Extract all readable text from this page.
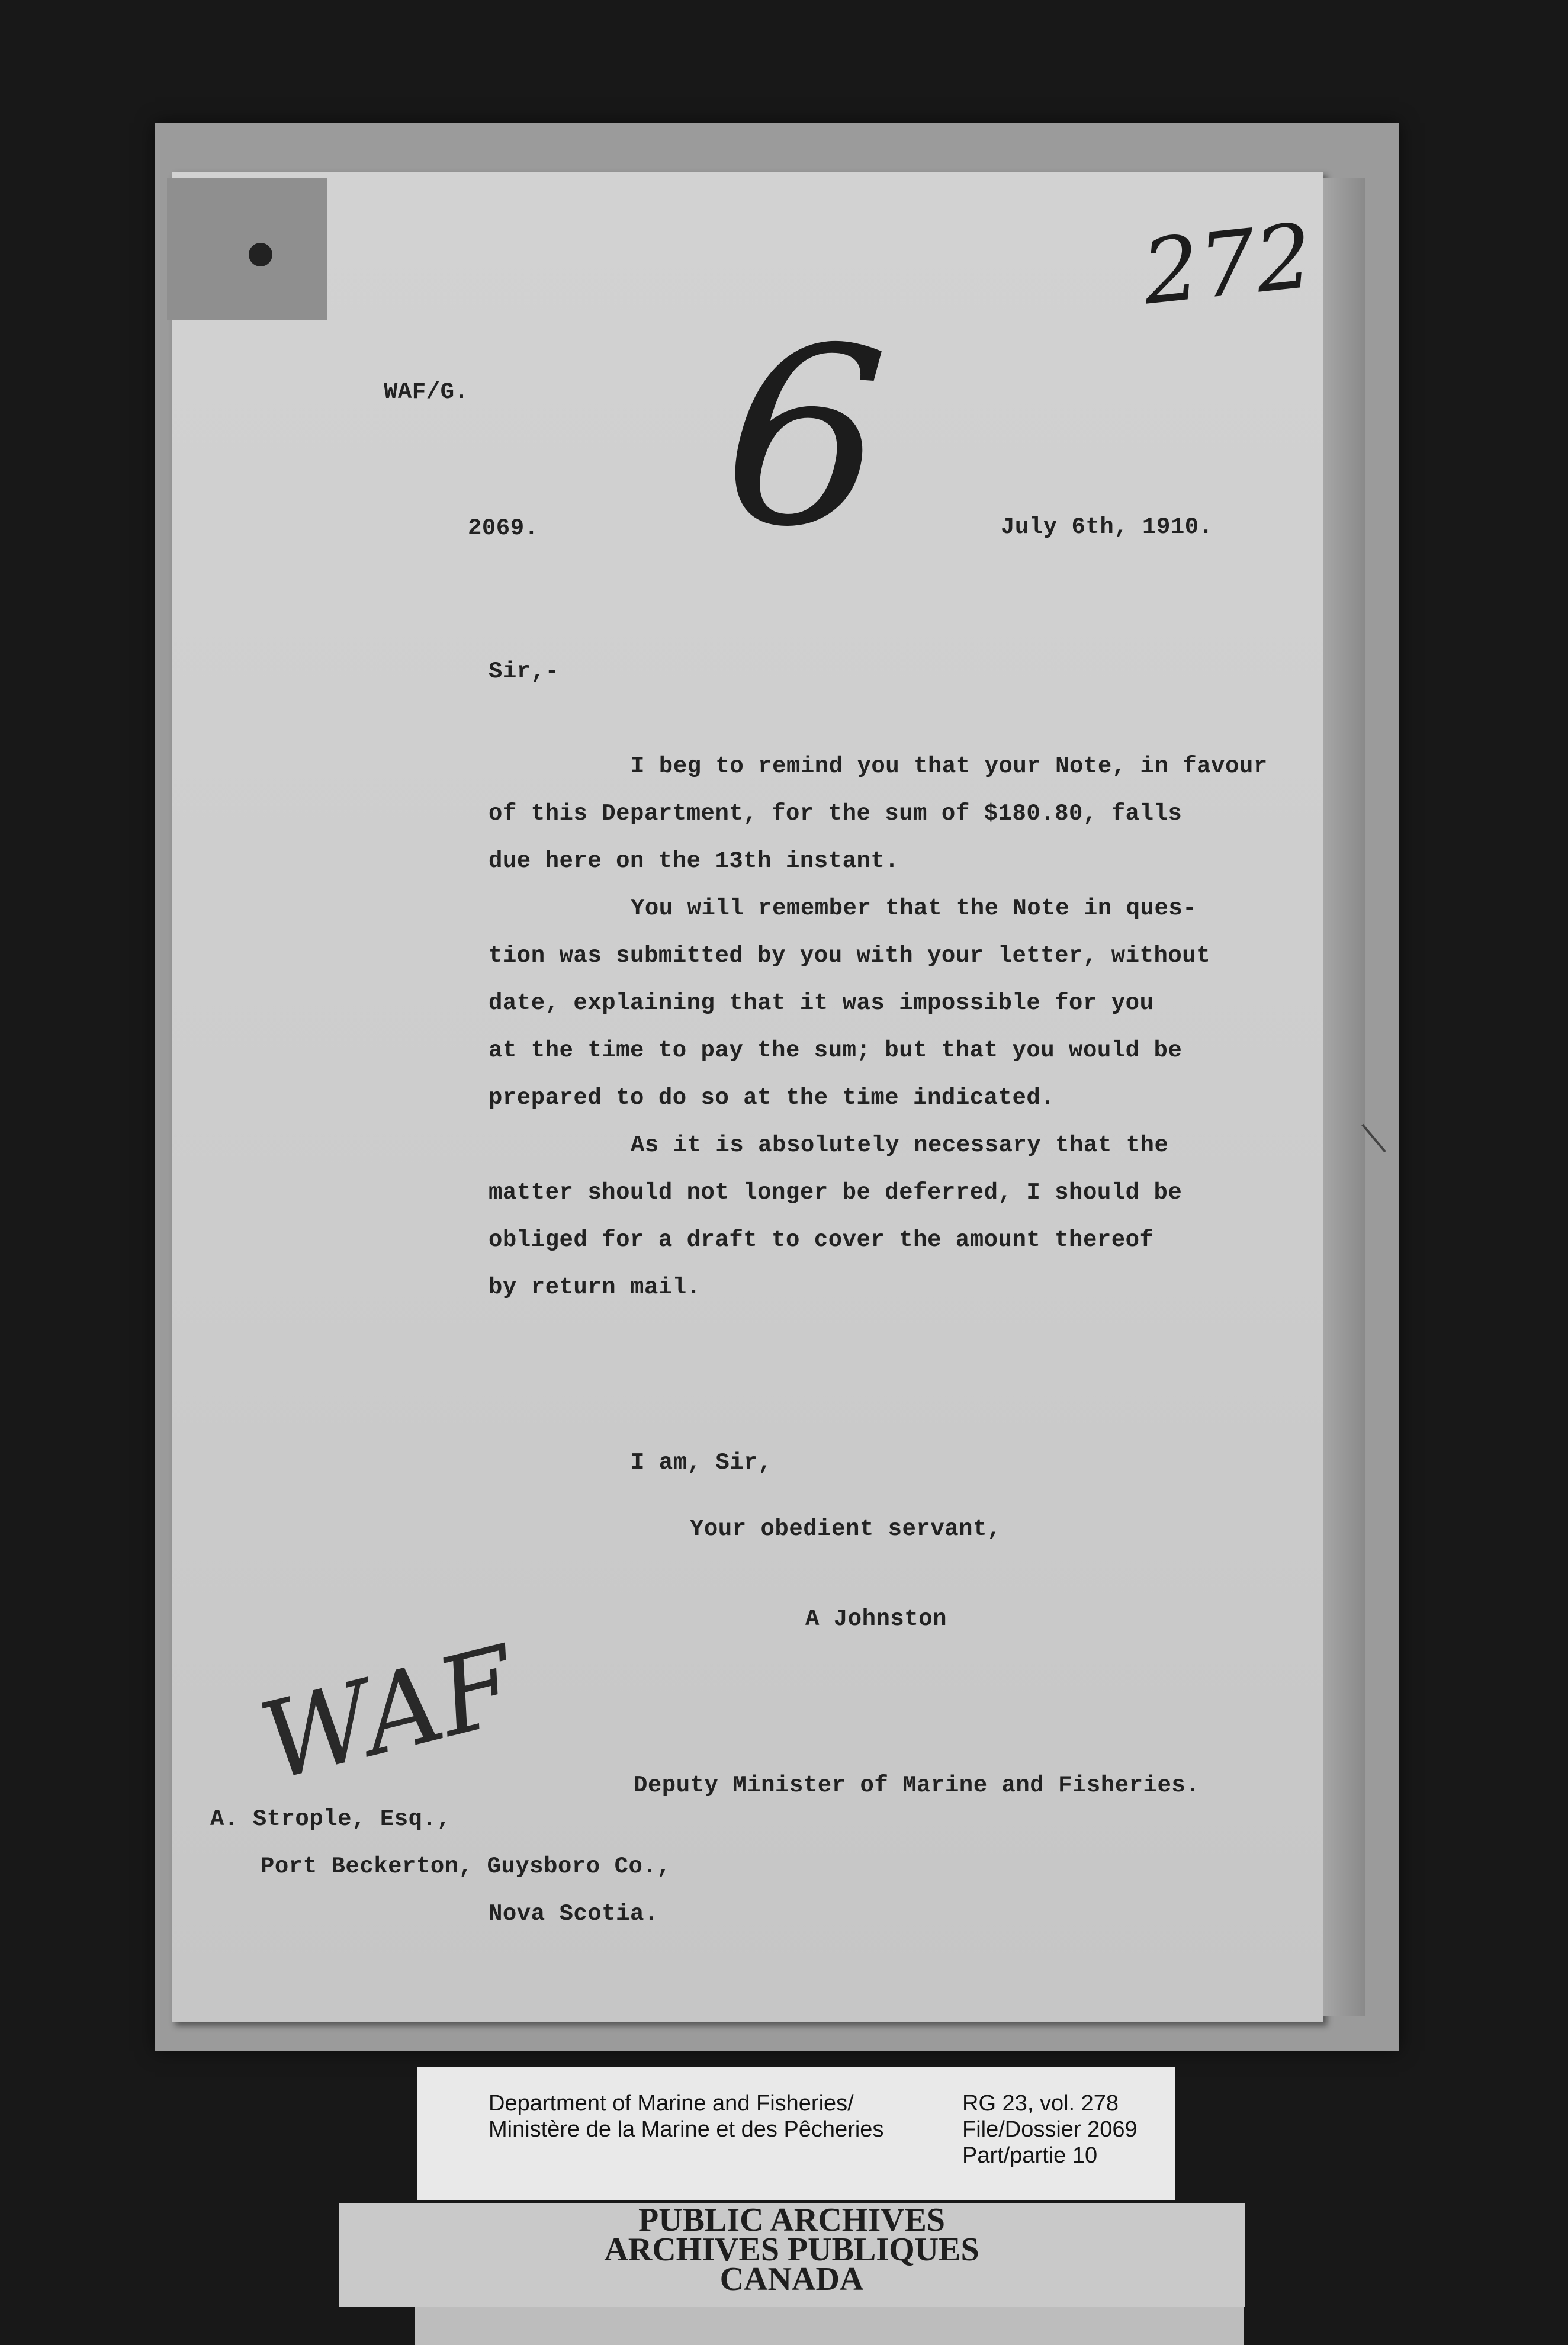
272
6
WAF
WAF/G.
2069.	July 6th, 1910.
Sir,-
I beg to remind you that your Note, in favour
of this Department, for the sum of $180.80, falls
due here on the 13th instant.
You will remember that the Note in ques-
tion was submitted by you with your letter, without
date, explaining that it was impossible for you
at the time to pay the sum; but that you would be
prepared to do so at the time indicated.
As it is absolutely necessary that the
matter should not longer be deferred, I should be
obliged for a draft to cover the amount thereof
by return mail.
I am, Sir,
Your obedient servant,
A Johnston
Deputy Minister of Marine and Fisheries.
A. Strople, Esq.,
Port Beckerton, Guysboro Co.,
Nova Scotia.
Department of Marine and Fisheries/
Ministère de la Marine et des Pêcheries
RG 23, vol. 278
File/Dossier 2069
Part/partie 10
PUBLIC ARCHIVES
ARCHIVES PUBLIQUES
CANADA
